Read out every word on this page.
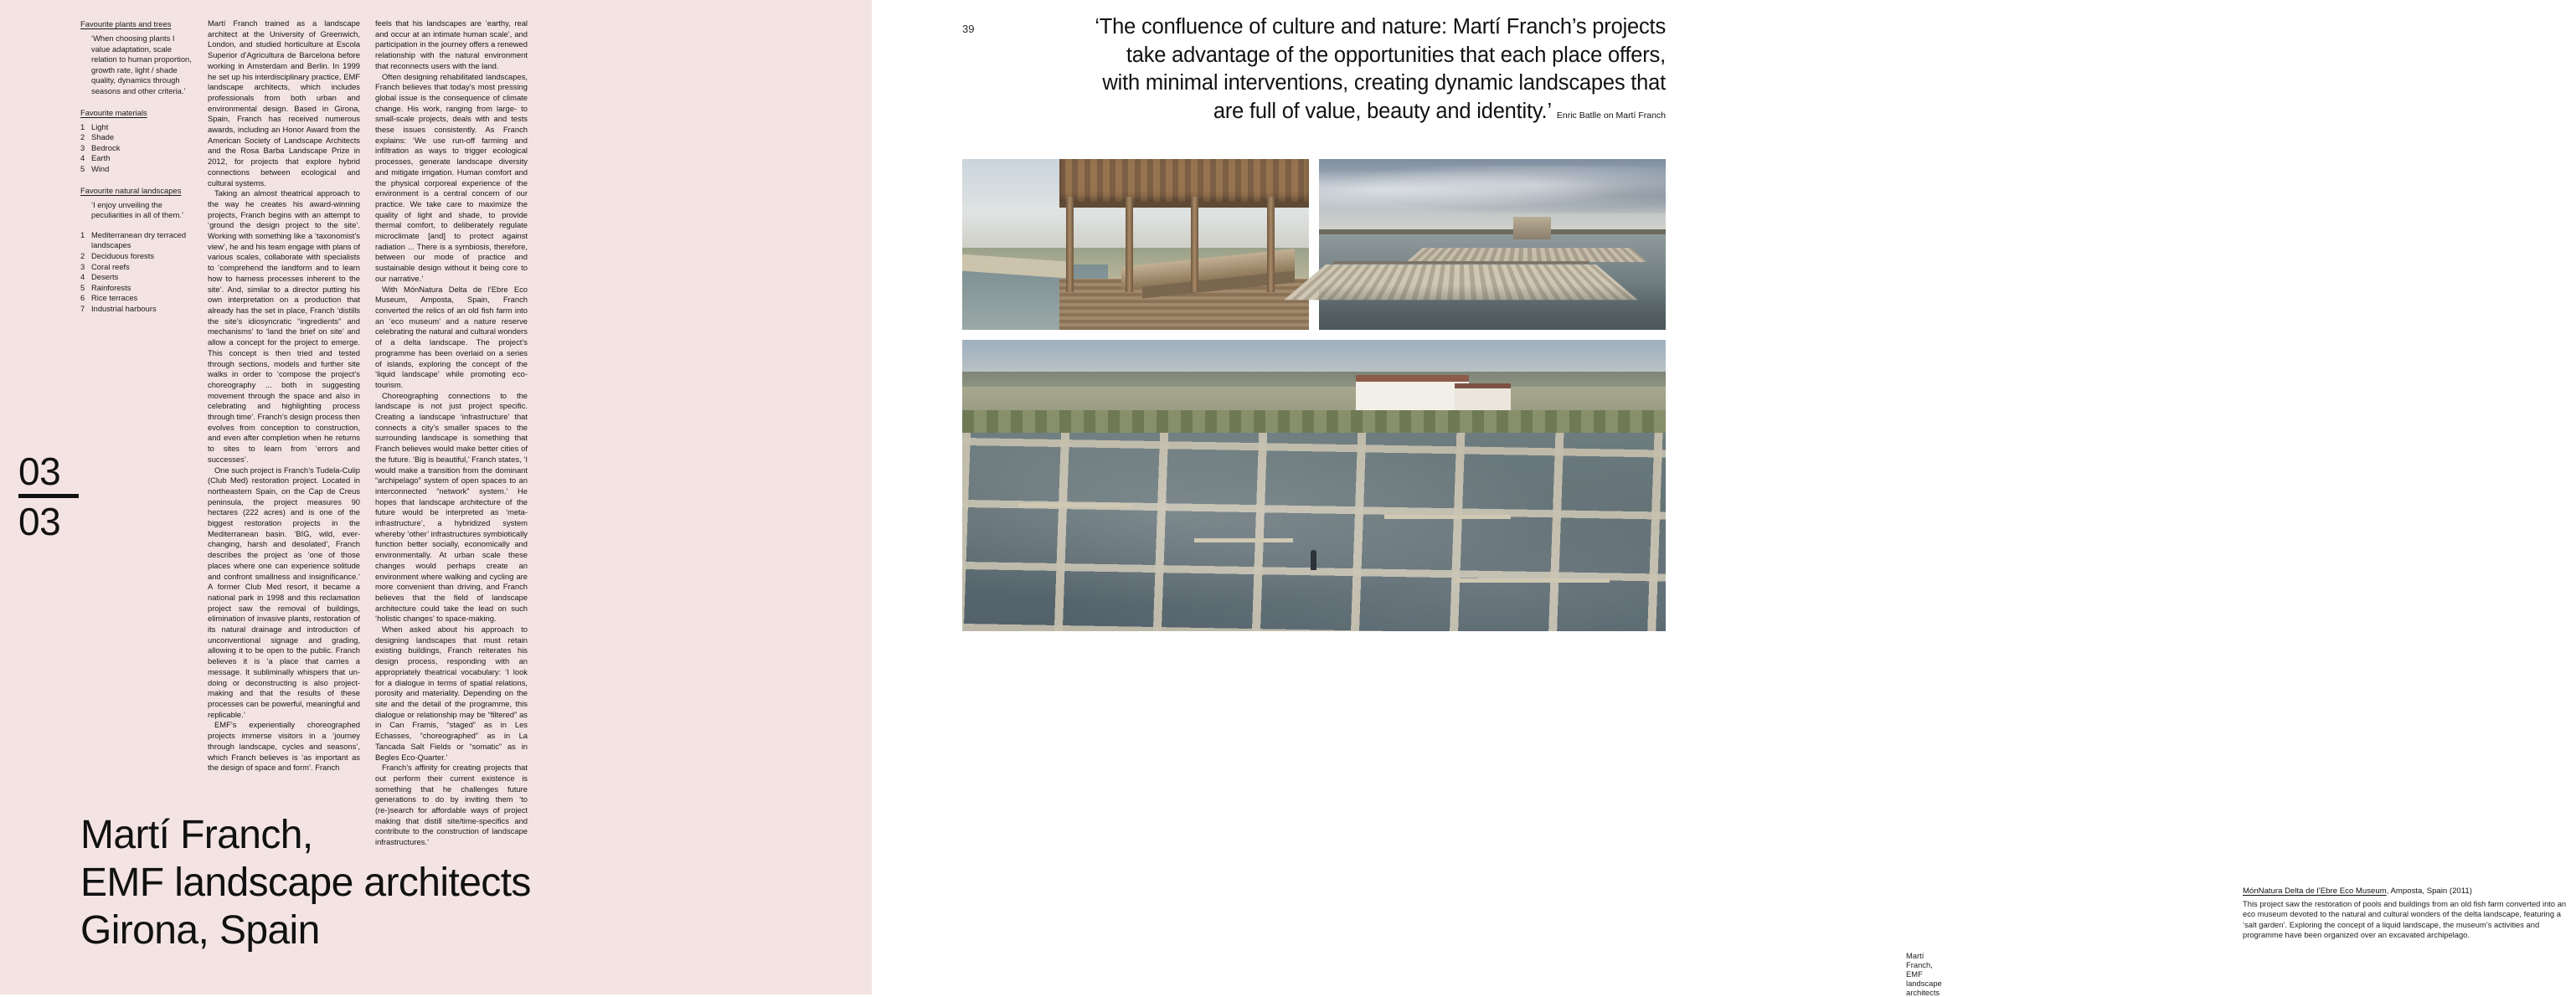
03
03
Favourite plants and trees
‘When choosing plants I value adaptation, scale relation to human proportion, growth rate, light / shade quality, dynamics through seasons and other criteria.’
Favourite materials
1 Light
2 Shade
3 Bedrock
4 Earth
5 Wind
Favourite natural landscapes
‘I enjoy unveiling the peculiarities in all of them.’
1 Mediterranean dry terraced landscapes
2 Deciduous forests
3 Coral reefs
4 Deserts
5 Rainforests
6 Rice terraces
7 Industrial harbours

Martí Franch trained as a landscape architect at the University of Greenwich, London, and studied horticulture at Escola Superior d’Agricultura de Barcelona before working in Amsterdam and Berlin. In 1999 he set up his interdisciplinary practice, EMF landscape architects, which includes professionals from both urban and environmental design. Based in Girona, Spain, Franch has received numerous awards, including an Honor Award from the American Society of Landscape Architects and the Rosa Barba Landscape Prize in 2012, for projects that explore hybrid connections between ecological and cultural systems.

Taking an almost theatrical approach to the way he creates his award-winning projects, Franch begins with an attempt to ‘ground the design project to the site’. Working with something like a ‘taxonomist’s view’, he and his team engage with plans of various scales, collaborate with specialists to ‘comprehend the landform and to learn how to harness processes inherent to the site’. And, similar to a director putting his own interpretation on a production that already has the set in place, Franch ‘distills the site’s idiosyncratic “ingredients” and mechanisms’ to ‘land the brief on site’ and allow a concept for the project to emerge. This concept is then tried and tested through sections, models and further site walks in order to ‘compose the project’s choreography ... both in suggesting movement through the space and also in celebrating and highlighting process through time’. Franch’s design process then evolves from conception to construction, and even after completion when he returns to sites to learn from ‘errors and successes’.

One such project is Franch’s Tudela-Culip (Club Med) restoration project. Located in northeastern Spain, on the Cap de Creus peninsula, the project measures 90 hectares (222 acres) and is one of the biggest restoration projects in the Mediterranean basin. ‘BIG, wild, ever-changing, harsh and desolated’, Franch describes the project as ‘one of those places where one can experience solitude and confront smallness and insignificance.’ A former Club Med resort, it became a national park in 1998 and this reclamation project saw the removal of buildings, elimination of invasive plants, restoration of its natural drainage and introduction of unconventional signage and grading, allowing it to be open to the public. Franch believes it is ‘a place that carries a message. It subliminally whispers that un-doing or deconstructing is also project-making and that the results of these processes can be powerful, meaningful and replicable.’

EMF’s experientially choreographed projects immerse visitors in a ‘journey through landscape, cycles and seasons’, which Franch believes is ‘as important as the design of space and form’. Franch

feels that his landscapes are ‘earthy, real and occur at an intimate human scale’, and participation in the journey offers a renewed relationship with the natural environment that reconnects users with the land.

Often designing rehabilitated landscapes, Franch believes that today’s most pressing global issue is the consequence of climate change. His work, ranging from large- to small-scale projects, deals with and tests these issues consistently. As Franch explains: ‘We use run-off farming and infiltration as ways to trigger ecological processes, generate landscape diversity and mitigate irrigation. Human comfort and the physical corporeal experience of the environment is a central concern of our practice. We take care to maximize the quality of light and shade, to provide thermal comfort, to deliberately regulate microclimate [and] to protect against radiation ... There is a symbiosis, therefore, between our mode of practice and sustainable design without it being core to our narrative.’

With MónNatura Delta de l’Ebre Eco Museum, Amposta, Spain, Franch converted the relics of an old fish farm into an ‘eco museum’ and a nature reserve celebrating the natural and cultural wonders of a delta landscape. The project’s programme has been overlaid on a series of islands, exploring the concept of the ‘liquid landscape’ while promoting eco-tourism.

Choreographing connections to the landscape is not just project specific. Creating a landscape ‘infrastructure’ that connects a city’s smaller spaces to the surrounding landscape is something that Franch believes would make better cities of the future. ‘Big is beautiful,’ Franch states, ‘I would make a transition from the dominant “archipelago” system of open spaces to an interconnected “network” system.’ He hopes that landscape architecture of the future would be interpreted as ‘meta-infrastructure’, a hybridized system whereby ‘other’ infrastructures symbiotically function better socially, economically and environmentally. At urban scale these changes would perhaps create an environment where walking and cycling are more convenient than driving, and Franch believes that the field of landscape architecture could take the lead on such ‘holistic changes’ to space-making.

When asked about his approach to designing landscapes that must retain existing buildings, Franch reiterates his design process, responding with an appropriately theatrical vocabulary: ‘I look for a dialogue in terms of spatial relations, porosity and materiality. Depending on the site and the detail of the programme, this dialogue or relationship may be “filtered” as in Can Framis, “staged” as in Les Echasses, “choreographed” as in La Tancada Salt Fields or “somatic” as in Begles Eco-Quarter.’

Franch’s affinity for creating projects that out perform their current existence is something that he challenges future generations to do by inviting them ‘to (re-)search for affordable ways of project making that distill site/time-specifics and contribute to the construction of landscape infrastructures.’

Martí Franch,
EMF landscape architects
Girona, Spain
39	‘The confluence of culture and nature: Martí Franch’s projects
take advantage of the opportunities that each place offers,
with minimal interventions, creating dynamic landscapes that
are full of value, beauty and identity.’ Enric Batlle on Martí Franch
Martí Franch, EMF landscape architects

MónNatura Delta de l’Ebre Eco Museum, Amposta, Spain (2011)

This project saw the restoration of pools and buildings from an old fish farm converted into an eco museum devoted to the natural and cultural wonders of the delta landscape, featuring a ‘salt garden’. Exploring the concept of a liquid landscape, the museum’s activities and programme have been organized over an excavated archipelago.
